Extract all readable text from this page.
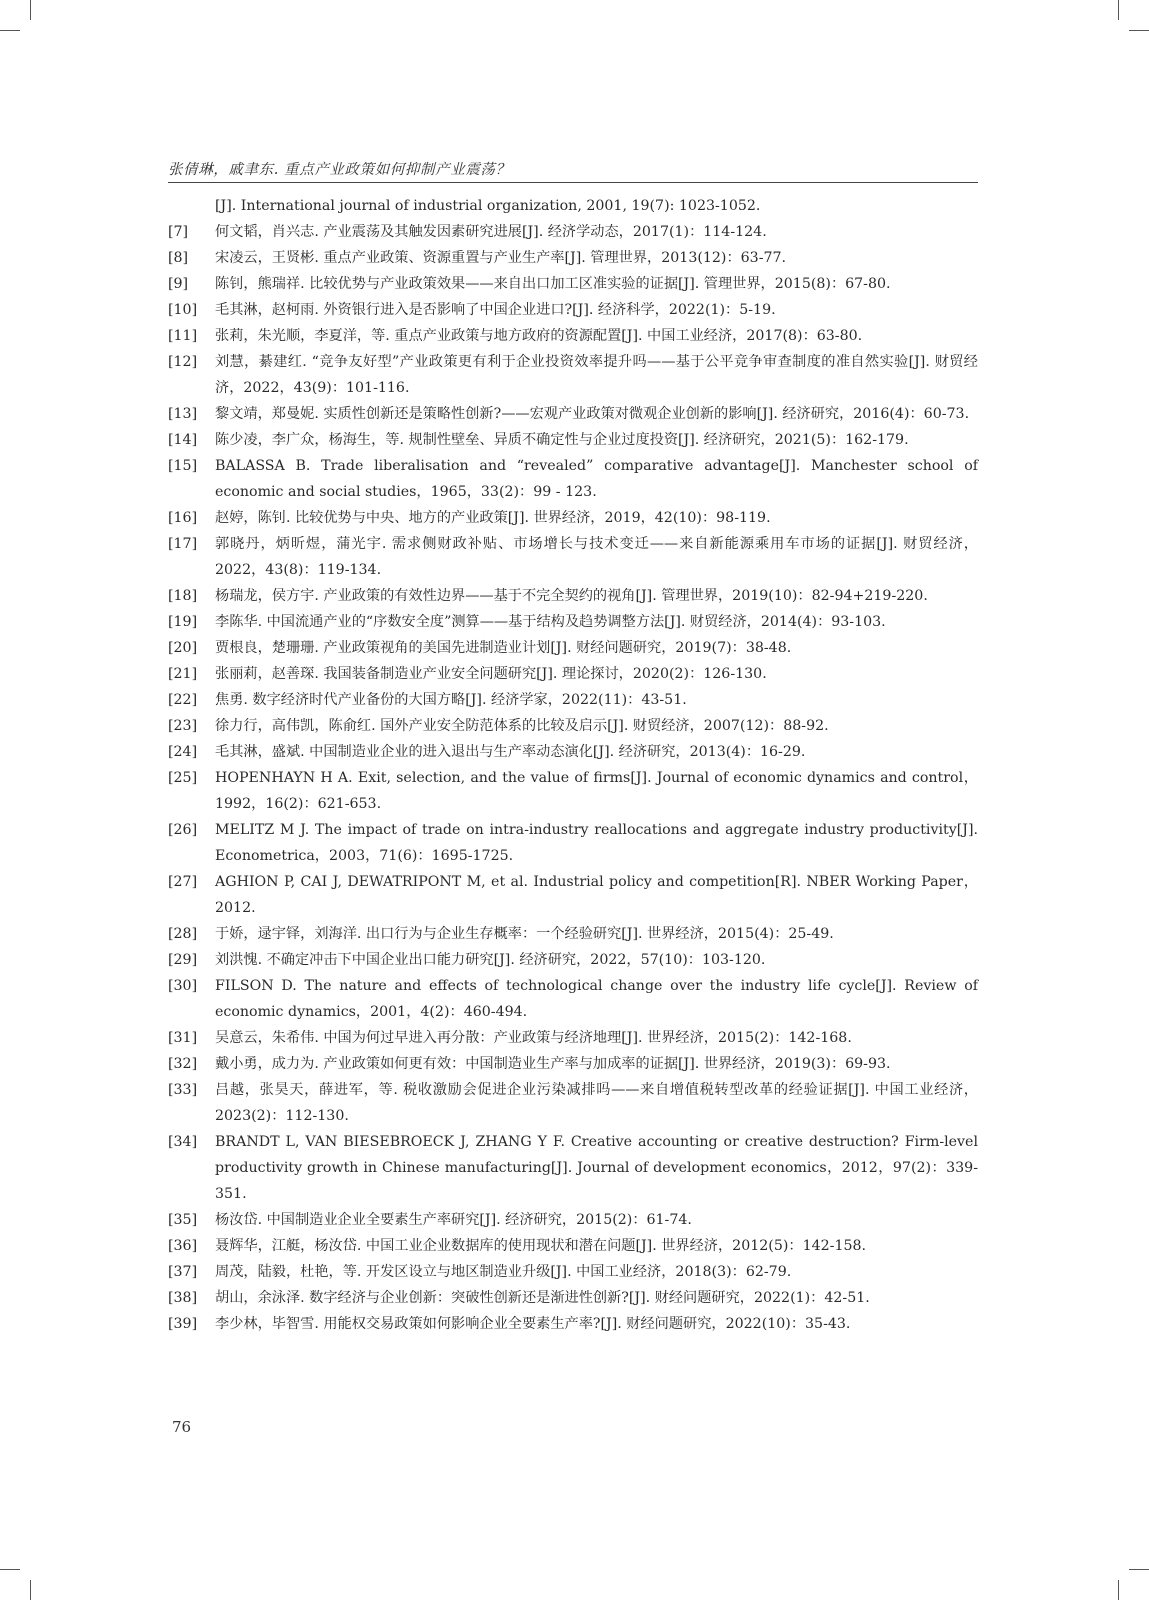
张倩琳，戚聿东. 重点产业政策如何抑制产业震荡？
[J]. International journal of industrial organization, 2001, 19(7): 1023-1052.
[7]	何文韬，肖兴志. 产业震荡及其触发因素研究进展[J]. 经济学动态，2017(1)：114-124.
[8]	宋凌云，王贤彬. 重点产业政策、资源重置与产业生产率[J]. 管理世界，2013(12)：63-77.
[9]	陈钊，熊瑞祥. 比较优势与产业政策效果——来自出口加工区准实验的证据[J]. 管理世界，2015(8)：67-80.
[10]	毛其淋，赵柯雨. 外资银行进入是否影响了中国企业进口?[J]. 经济科学，2022(1)：5-19.
[11]	张莉，朱光顺，李夏洋，等. 重点产业政策与地方政府的资源配置[J]. 中国工业经济，2017(8)：63-80.
[12]	刘慧，綦建红. “竞争友好型”产业政策更有利于企业投资效率提升吗——基于公平竞争审查制度的准自然实验[J]. 财贸经济，2022，43(9)：101-116.
[13]	黎文靖，郑曼妮. 实质性创新还是策略性创新?——宏观产业政策对微观企业创新的影响[J]. 经济研究，2016(4)：60-73.
[14]	陈少凌，李广众，杨海生，等. 规制性壁垒、异质不确定性与企业过度投资[J]. 经济研究，2021(5)：162-179.
[15]	BALASSA B. Trade liberalisation and “revealed” comparative advantage[J]. Manchester school of economic and social studies，1965，33(2)：99 - 123.
[16]	赵婷，陈钊. 比较优势与中央、地方的产业政策[J]. 世界经济，2019，42(10)：98-119.
[17]	郭晓丹，炳昕煜，蒲光宇. 需求侧财政补贴、市场增长与技术变迁——来自新能源乘用车市场的证据[J]. 财贸经济，2022，43(8)：119-134.
[18]	杨瑞龙，侯方宇. 产业政策的有效性边界——基于不完全契约的视角[J]. 管理世界，2019(10)：82-94+219-220.
[19]	李陈华. 中国流通产业的“序数安全度”测算——基于结构及趋势调整方法[J]. 财贸经济，2014(4)：93-103.
[20]	贾根良，楚珊珊. 产业政策视角的美国先进制造业计划[J]. 财经问题研究，2019(7)：38-48.
[21]	张丽莉，赵善琛. 我国装备制造业产业安全问题研究[J]. 理论探讨，2020(2)：126-130.
[22]	焦勇. 数字经济时代产业备份的大国方略[J]. 经济学家，2022(11)：43-51.
[23]	徐力行，高伟凯，陈俞红. 国外产业安全防范体系的比较及启示[J]. 财贸经济，2007(12)：88-92.
[24]	毛其淋，盛斌. 中国制造业企业的进入退出与生产率动态演化[J]. 经济研究，2013(4)：16-29.
[25]	HOPENHAYN H A. Exit, selection, and the value of firms[J]. Journal of economic dynamics and control，1992，16(2)：621-653.
[26]	MELITZ M J. The impact of trade on intra-industry reallocations and aggregate industry productivity[J]. Econometrica，2003，71(6)：1695-1725.
[27]	AGHION P, CAI J, DEWATRIPONT M, et al. Industrial policy and competition[R]. NBER Working Paper，2012.
[28]	于娇，逯宇铎，刘海洋. 出口行为与企业生存概率：一个经验研究[J]. 世界经济，2015(4)：25-49.
[29]	刘洪愧. 不确定冲击下中国企业出口能力研究[J]. 经济研究，2022，57(10)：103-120.
[30]	FILSON D. The nature and effects of technological change over the industry life cycle[J]. Review of economic dynamics，2001，4(2)：460-494.
[31]	吴意云，朱希伟. 中国为何过早进入再分散：产业政策与经济地理[J]. 世界经济，2015(2)：142-168.
[32]	戴小勇，成力为. 产业政策如何更有效：中国制造业生产率与加成率的证据[J]. 世界经济，2019(3)：69-93.
[33]	吕越，张昊天，薛进军，等. 税收激励会促进企业污染减排吗——来自增值税转型改革的经验证据[J]. 中国工业经济，2023(2)：112-130.
[34]	BRANDT L, VAN BIESEBROECK J, ZHANG Y F. Creative accounting or creative destruction? Firm-level productivity growth in Chinese manufacturing[J]. Journal of development economics，2012，97(2)：339-351.
[35]	杨汝岱. 中国制造业企业全要素生产率研究[J]. 经济研究，2015(2)：61-74.
[36]	聂辉华，江艇，杨汝岱. 中国工业企业数据库的使用现状和潜在问题[J]. 世界经济，2012(5)：142-158.
[37]	周茂，陆毅，杜艳，等. 开发区设立与地区制造业升级[J]. 中国工业经济，2018(3)：62-79.
[38]	胡山，余泳泽. 数字经济与企业创新：突破性创新还是渐进性创新?[J]. 财经问题研究，2022(1)：42-51.
[39]	李少林，毕智雪. 用能权交易政策如何影响企业全要素生产率?[J]. 财经问题研究，2022(10)：35-43.
76
